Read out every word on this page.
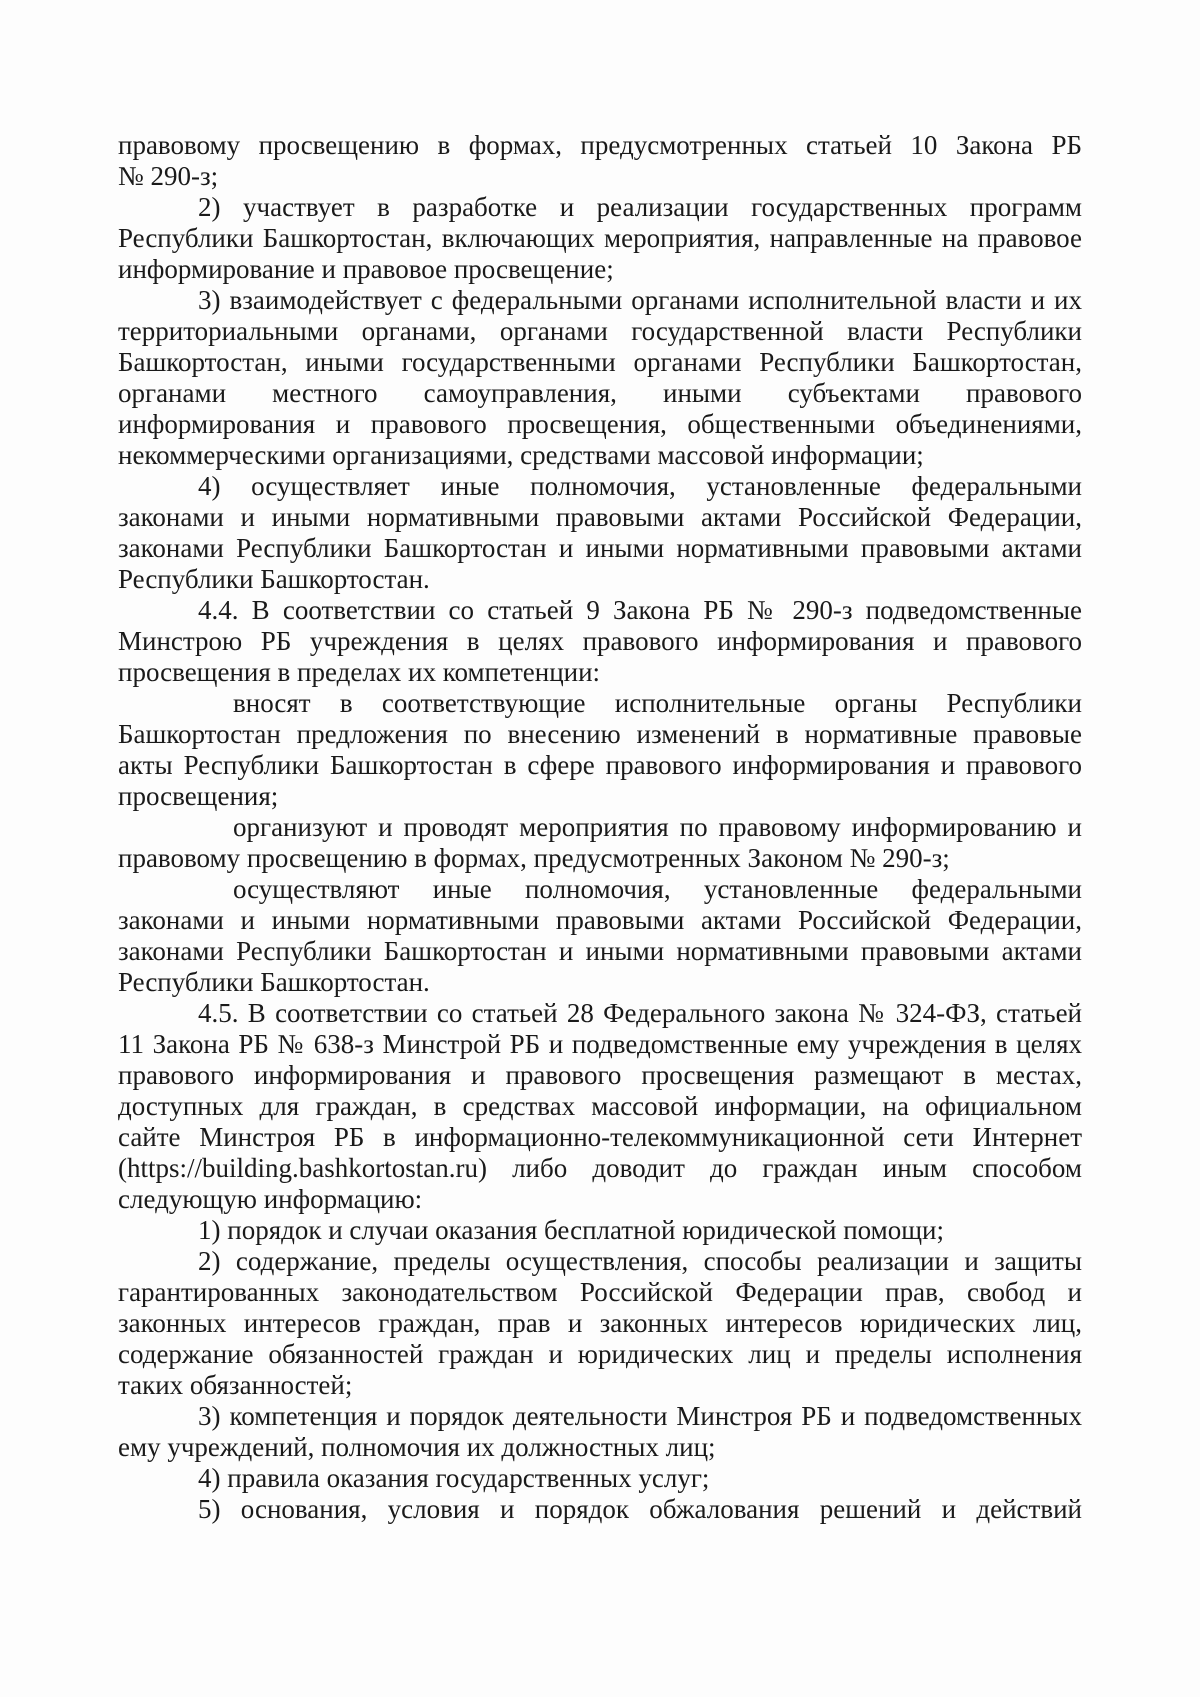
правовому просвещению в формах, предусмотренных статьей 10 Закона РБ

№ 290-з;

2) участвует в разработке и реализации государственных программ

Республики Башкортостан, включающих мероприятия, направленные на правовое

информирование и правовое просвещение;

3) взаимодействует с федеральными органами исполнительной власти и их

территориальными органами, органами государственной власти Республики

Башкортостан, иными государственными органами Республики Башкортостан,

органами местного самоуправления, иными субъектами правового

информирования и правового просвещения, общественными объединениями,

некоммерческими организациями, средствами массовой информации;

4) осуществляет иные полномочия, установленные федеральными

законами и иными нормативными правовыми актами Российской Федерации,

законами Республики Башкортостан и иными нормативными правовыми актами

Республики Башкортостан.

4.4. В соответствии со статьей 9 Закона РБ № 290-з подведомственные

Минстрою РБ учреждения в целях правового информирования и правового

просвещения в пределах их компетенции:

вносят в соответствующие исполнительные органы Республики

Башкортостан предложения по внесению изменений в нормативные правовые

акты Республики Башкортостан в сфере правового информирования и правового

просвещения;

организуют и проводят мероприятия по правовому информированию и

правовому просвещению в формах, предусмотренных Законом № 290-з;

осуществляют иные полномочия, установленные федеральными

законами и иными нормативными правовыми актами Российской Федерации,

законами Республики Башкортостан и иными нормативными правовыми актами

Республики Башкортостан.

4.5. В соответствии со статьей 28 Федерального закона № 324-ФЗ, статьей

11 Закона РБ № 638-з Минстрой РБ и подведомственные ему учреждения в целях

правового информирования и правового просвещения размещают в местах,

доступных для граждан, в средствах массовой информации, на официальном

сайте Минстроя РБ в информационно-телекоммуникационной сети Интернет

(https://building.bashkortostan.ru) либо доводит до граждан иным способом

следующую информацию:

1) порядок и случаи оказания бесплатной юридической помощи;

2) содержание, пределы осуществления, способы реализации и защиты

гарантированных законодательством Российской Федерации прав, свобод и

законных интересов граждан, прав и законных интересов юридических лиц,

содержание обязанностей граждан и юридических лиц и пределы исполнения

таких обязанностей;

3) компетенция и порядок деятельности Минстроя РБ и подведомственных

ему учреждений, полномочия их должностных лиц;

4) правила оказания государственных услуг;

5) основания, условия и порядок обжалования решений и действий
